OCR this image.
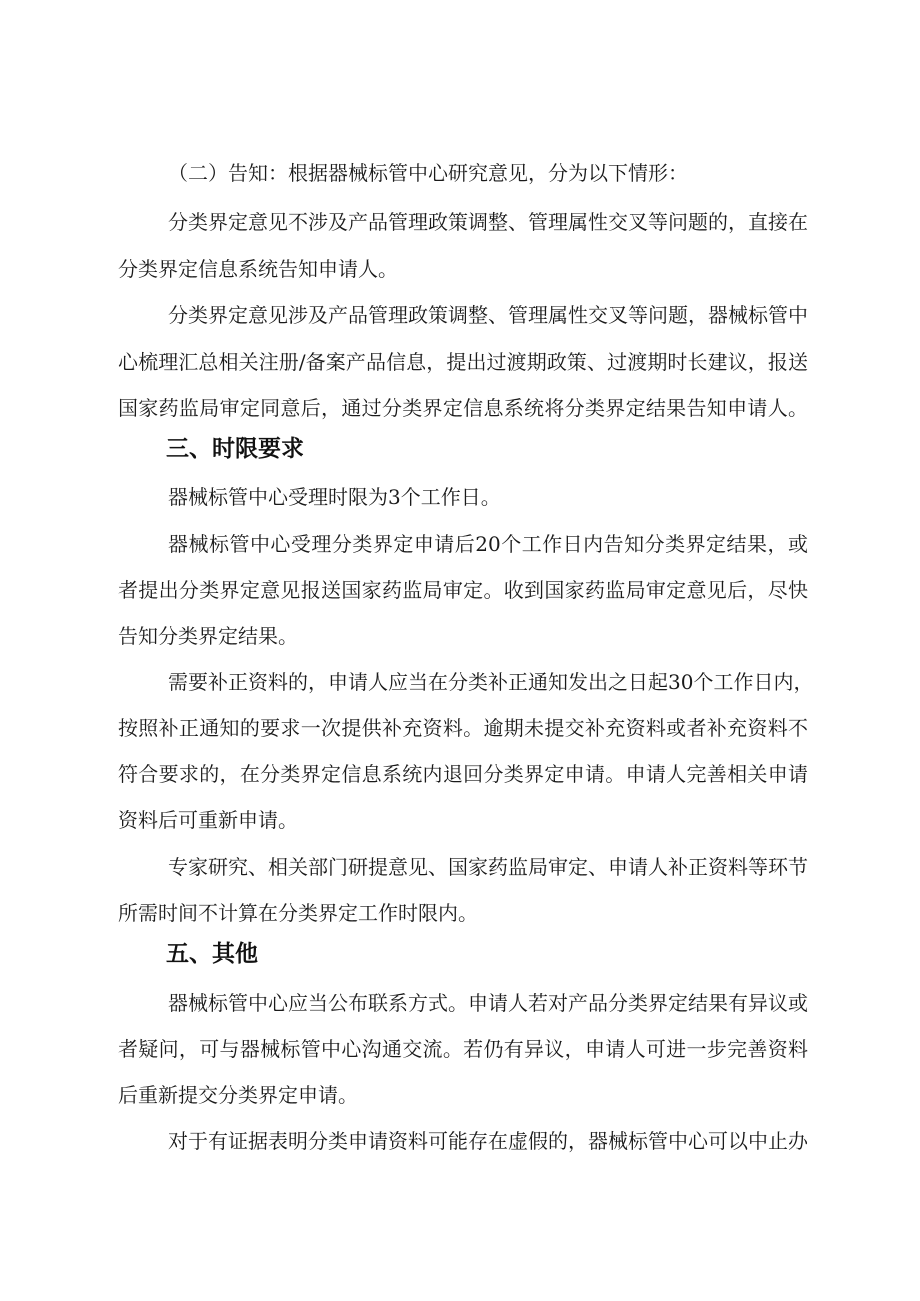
（二）告知：根据器械标管中心研究意见，分为以下情形：

分类界定意见不涉及产品管理政策调整、管理属性交叉等问题的，直接在

分类界定信息系统告知申请人。

分类界定意见涉及产品管理政策调整、管理属性交叉等问题，器械标管中

心梳理汇总相关注册/备案产品信息，提出过渡期政策、过渡期时长建议，报送

国家药监局审定同意后，通过分类界定信息系统将分类界定结果告知申请人。

三、时限要求

器械标管中心受理时限为3个工作日。

器械标管中心受理分类界定申请后20个工作日内告知分类界定结果，或

者提出分类界定意见报送国家药监局审定。收到国家药监局审定意见后，尽快

告知分类界定结果。

需要补正资料的，申请人应当在分类补正通知发出之日起30个工作日内，

按照补正通知的要求一次提供补充资料。逾期未提交补充资料或者补充资料不

符合要求的，在分类界定信息系统内退回分类界定申请。申请人完善相关申请

资料后可重新申请。

专家研究、相关部门研提意见、国家药监局审定、申请人补正资料等环节

所需时间不计算在分类界定工作时限内。

五、其他

器械标管中心应当公布联系方式。申请人若对产品分类界定结果有异议或

者疑问，可与器械标管中心沟通交流。若仍有异议，申请人可进一步完善资料

后重新提交分类界定申请。

对于有证据表明分类申请资料可能存在虚假的，器械标管中心可以中止办
